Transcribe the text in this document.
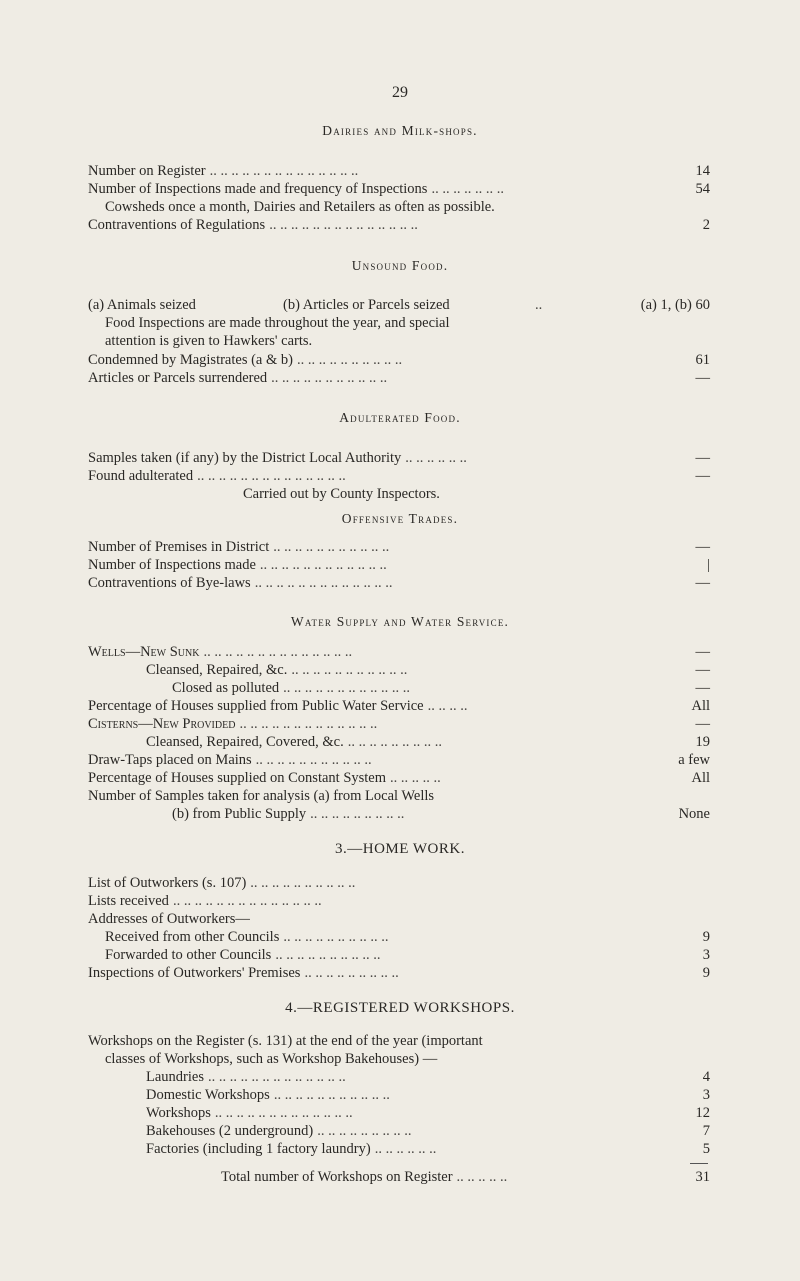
29
Dairies and Milk-shops.
Number on Register .. .. .. .. .. .. .. .. .. .. .. .. .. ..	14
Number of Inspections made and frequency of Inspections .. .. .. .. .. .. ..	54
Cowsheds once a month, Dairies and Retailers as often as possible.
Contraventions of Regulations .. .. .. .. .. .. .. .. .. .. .. .. .. ..	2
Unsound Food.
(a) Animals seized	(b) Articles or Parcels seized	..	(a) 1, (b) 60
Food Inspections are made throughout the year, and special
attention is given to Hawkers' carts.
Condemned by Magistrates (a & b) .. .. .. .. .. .. .. .. .. ..	61
Articles or Parcels surrendered .. .. .. .. .. .. .. .. .. .. ..	—
Adulterated Food.
Samples taken (if any) by the District Local Authority .. .. .. .. .. ..	—
Found adulterated .. .. .. .. .. .. .. .. .. .. .. .. .. ..	—
Carried out by County Inspectors.
Offensive Trades.
Number of Premises in District .. .. .. .. .. .. .. .. .. .. ..	—
Number of Inspections made .. .. .. .. .. .. .. .. .. .. .. ..	|
Contraventions of Bye-laws .. .. .. .. .. .. .. .. .. .. .. .. ..	—
Water Supply and Water Service.
Wells—New Sunk .. .. .. .. .. .. .. .. .. .. .. .. .. ..	—
Cleansed, Repaired, &c. .. .. .. .. .. .. .. .. .. .. ..	—
Closed as polluted .. .. .. .. .. .. .. .. .. .. .. ..	—
Percentage of Houses supplied from Public Water Service .. .. .. ..	All
Cisterns—New Provided .. .. .. .. .. .. .. .. .. .. .. .. ..	—
Cleansed, Repaired, Covered, &c. .. .. .. .. .. .. .. .. ..	19
Draw-Taps placed on Mains .. .. .. .. .. .. .. .. .. .. ..	a few
Percentage of Houses supplied on Constant System .. .. .. .. ..	All
Number of Samples taken for analysis (a) from Local Wells
(b) from Public Supply .. .. .. .. .. .. .. .. ..	None
3.—HOME WORK.
List of Outworkers (s. 107) .. .. .. .. .. .. .. .. .. ..
Lists received .. .. .. .. .. .. .. .. .. .. .. .. .. ..
Addresses of Outworkers—
Received from other Councils .. .. .. .. .. .. .. .. .. ..	9
Forwarded to other Councils .. .. .. .. .. .. .. .. .. ..	3
Inspections of Outworkers' Premises .. .. .. .. .. .. .. .. ..	9
4.—REGISTERED WORKSHOPS.
Workshops on the Register (s. 131) at the end of the year (important
classes of Workshops, such as Workshop Bakehouses) —
Laundries .. .. .. .. .. .. .. .. .. .. .. .. ..	4
Domestic Workshops .. .. .. .. .. .. .. .. .. .. ..	3
Workshops .. .. .. .. .. .. .. .. .. .. .. .. ..	12
Bakehouses (2 underground) .. .. .. .. .. .. .. .. ..	7
Factories (including 1 factory laundry) .. .. .. .. .. ..	5
Total number of Workshops on Register .. .. .. .. ..	31
